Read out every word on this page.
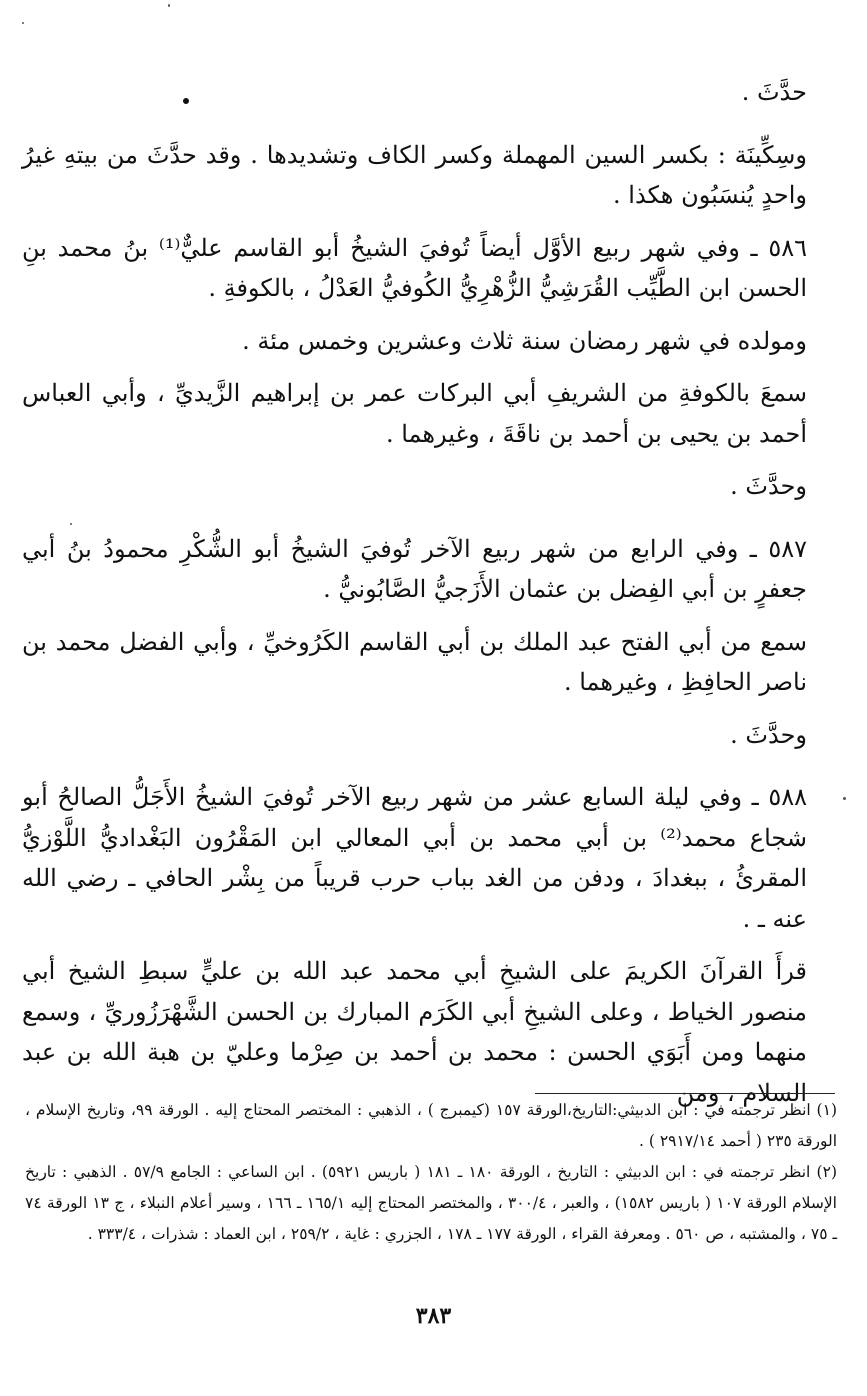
حدَّثَ .

وسِكِّينَة : بكسر السين المهملة وكسر الكاف وتشديدها . وقد حدَّثَ من بيتهِ غيرُ واحدٍ يُنسَبُون هكذا .

٥٨٦ ـ وفي شهر ربيع الأوَّل أيضاً تُوفيَ الشيخُ أبو القاسم عليٌّ⁽¹⁾ بنُ محمد بنِ الحسن ابن الطَّيِّب القُرَشِيُّ الزُّهْرِيُّ الكُوفيُّ العَدْلُ ، بالكوفةِ .

ومولده في شهر رمضان سنة ثلاث وعشرين وخمس مئة .

سمعَ بالكوفةِ من الشريفِ أبي البركات عمر بن إبراهيم الزَّيديِّ ، وأبي العباس أحمد بن يحيى بن أحمد بن ناقَةَ ، وغيرهما .

وحدَّثَ .

٥٨٧ ـ وفي الرابع من شهر ربيع الآخر تُوفيَ الشيخُ أبو الشُّكْرِ محمودُ بنُ أبي جعفرٍ بن أبي الفِضل بن عثمان الأَزَجيُّ الصَّابُونيُّ .

سمع من أبي الفتح عبد الملك بن أبي القاسم الكَرُوخيِّ ، وأبي الفضل محمد بن ناصر الحافِظِ ، وغيرهما .

وحدَّثَ .

٥٨٨ ـ وفي ليلة السابع عشر من شهر ربيع الآخر تُوفيَ الشيخُ الأَجَلُّ الصالحُ أبو شجاع محمد⁽²⁾ بن أبي محمد بن أبي المعالي ابن المَقْرُون البَغْداديُّ اللَّوْزيُّ المقرئُ ، ببغدادَ ، ودفن من الغد بباب حرب قريباً من بِشْر الحافي ـ رضي الله عنه ـ .

قرأَ القرآنَ الكريمَ على الشيخِ أبي محمد عبد الله بن عليٍّ سبطِ الشيخ أبي منصور الخياط ، وعلى الشيخِ أبي الكَرَم المبارك بن الحسن الشَّهْرَزُوريِّ ، وسمع منهما ومن أَبَوَي الحسن : محمد بن أحمد بن صِرْما وعليّ بن هبة الله بن عبد السلام ، ومن

(١) انظر ترجمته في : ابن الدبيثي:التاريخ،الورقة ١٥٧ (كيمبرج ) ، الذهبي : المختصر المحتاج إليه . الورقة ٩٩، وتاريخ الإسلام ، الورقة ٢٣٥ ( أحمد ٢٩١٧/١٤ ) .

(٢) انظر ترجمته في : ابن الدبيثي : التاريخ ، الورقة ١٨٠ ـ ١٨١ ( باريس ٥٩٢١) . ابن الساعي : الجامع ٥٧/٩ . الذهبي : تاريخ الإسلام الورقة ١٠٧ ( باريس ١٥٨٢) ، والعبر ، ٣٠٠/٤ ، والمختصر المحتاج إليه ١٦٥/١ ـ ١٦٦ ، وسير أعلام النبلاء ، ج ١٣ الورقة ٧٤ ـ ٧٥ ، والمشتبه ، ص ٥٦٠ . ومعرفة القراء ، الورقة ١٧٧ ـ ١٧٨ ، الجزري : غاية ، ٢٥٩/٢ ، ابن العماد : شذرات ، ٣٣٣/٤ .

٣٨٣
